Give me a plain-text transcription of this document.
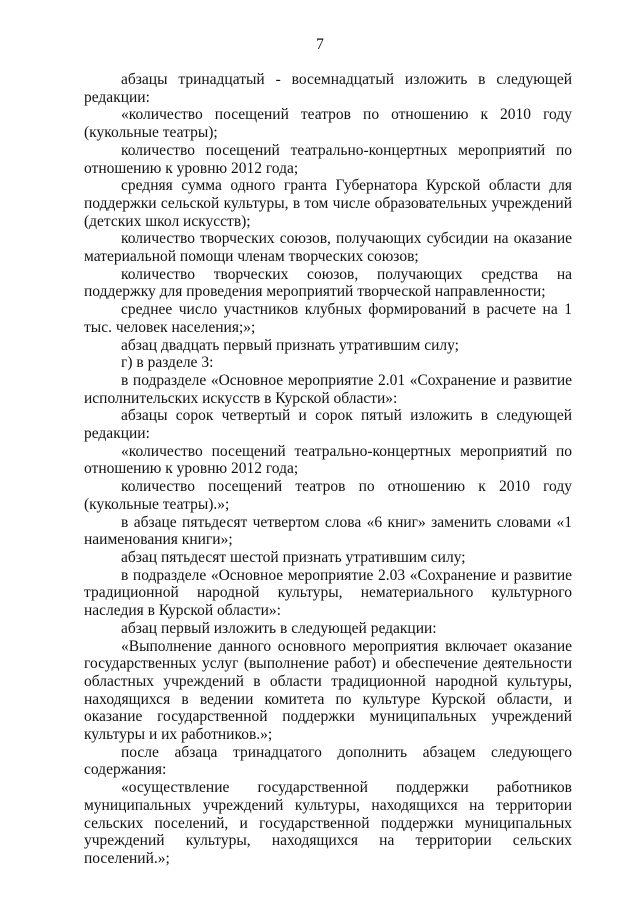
7

абзацы тринадцатый - восемнадцатый изложить в следующей редакции:

«количество посещений театров по отношению к 2010 году (кукольные театры);

количество посещений театрально-концертных мероприятий по отношению к уровню 2012 года;

средняя сумма одного гранта Губернатора Курской области для поддержки сельской культуры, в том числе образовательных учреждений (детских школ искусств);

количество творческих союзов, получающих субсидии на оказание материальной помощи членам творческих союзов;

количество творческих союзов, получающих средства на поддержку для проведения мероприятий творческой направленности;

среднее число участников клубных формирований в расчете на 1 тыс. человек населения;»;

абзац двадцать первый признать утратившим силу;

г) в разделе 3:

в подразделе «Основное мероприятие 2.01 «Сохранение и развитие исполнительских искусств в Курской области»:

абзацы сорок четвертый и сорок пятый изложить в следующей редакции:

«количество посещений театрально-концертных мероприятий по отношению к уровню 2012 года;

количество посещений театров по отношению к 2010 году (кукольные театры).»;

в абзаце пятьдесят четвертом слова «6 книг» заменить словами «1 наименования книги»;

абзац пятьдесят шестой признать утратившим силу;

в подразделе «Основное мероприятие 2.03 «Сохранение и развитие традиционной народной культуры, нематериального культурного наследия в Курской области»:

абзац первый изложить в следующей редакции:

«Выполнение данного основного мероприятия включает оказание государственных услуг (выполнение работ) и обеспечение деятельности областных учреждений в области традиционной народной культуры, находящихся в ведении комитета по культуре Курской области, и оказание государственной поддержки муниципальных учреждений культуры и их работников.»;

после абзаца тринадцатого дополнить абзацем следующего содержания:

«осуществление государственной поддержки работников муниципальных учреждений культуры, находящихся на территории сельских поселений, и государственной поддержки муниципальных учреждений культуры, находящихся на территории сельских поселений.»;
